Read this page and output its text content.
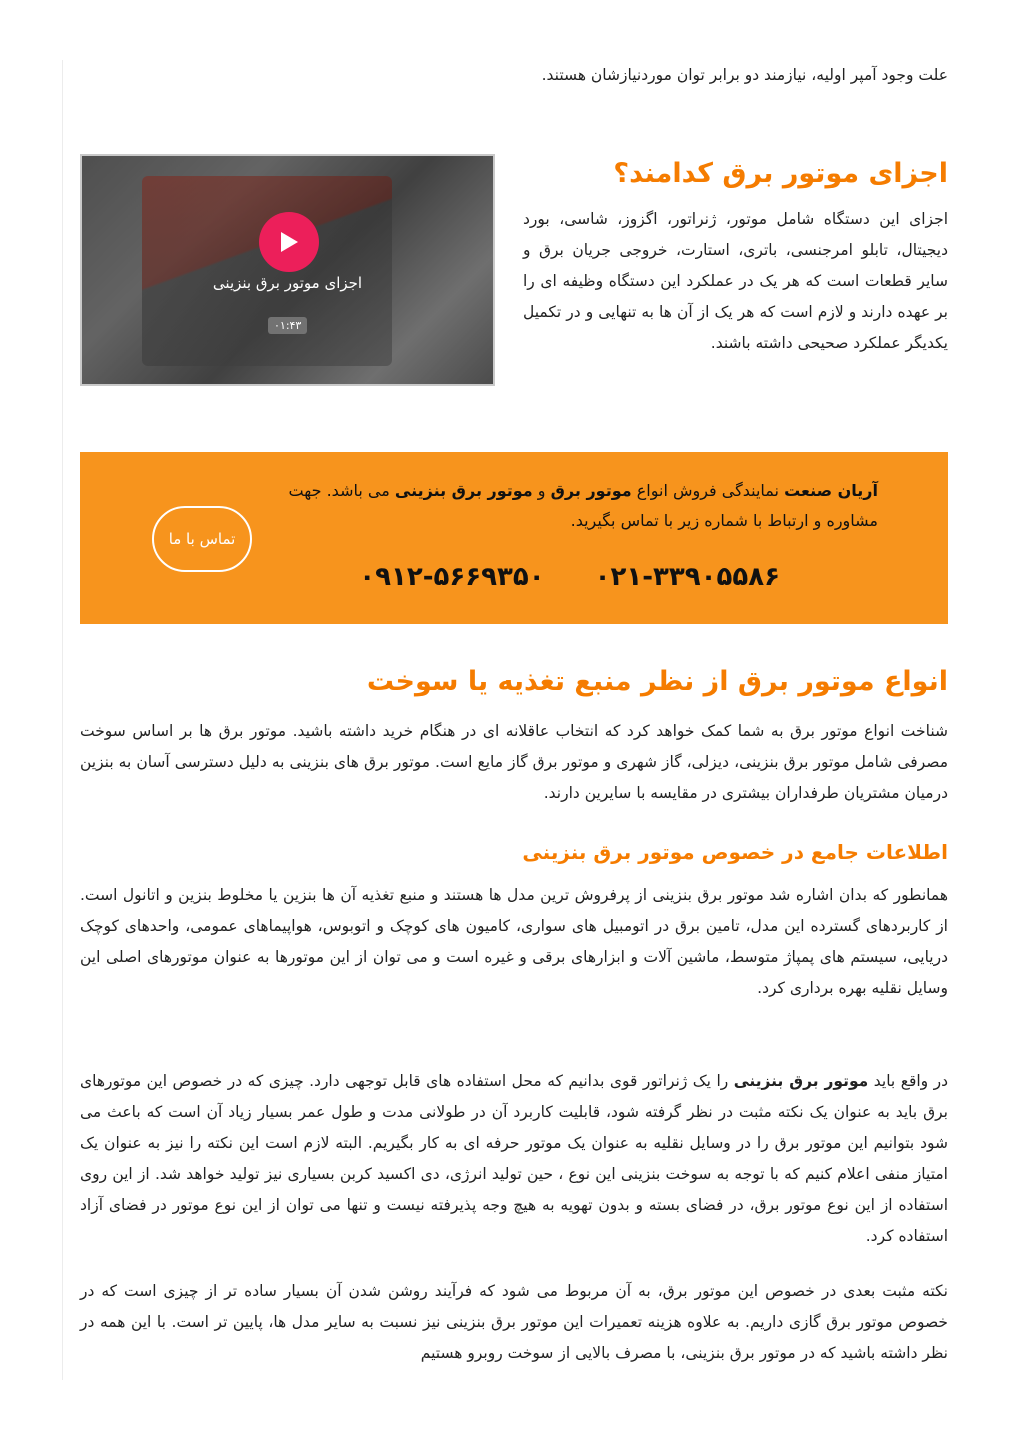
علت وجود آمپر اولیه، نیازمند دو برابر توان موردنیازشان هستند.

اجزای موتور برق بنزینی
۰۱:۴۳
اجزای موتور برق کدامند؟

اجزای این دستگاه شامل موتور، ژنراتور، اگزوز، شاسی، بورد دیجیتال، تابلو امرجنسی، باتری، استارت، خروجی جریان برق و سایر قطعات است که هر یک در عملکرد این دستگاه وظیفه ای را بر عهده دارند و لازم است که هر یک از آن ها به تنهایی و در تکمیل یکدیگر عملکرد صحیحی داشته باشند.

آریان صنعت نمایندگی فروش انواع موتور برق و موتور برق بنزینی می باشد. جهت مشاوره و ارتباط با شماره زیر با تماس بگیرید.
۰۹۱۲-۵۶۶۹۳۵۰ ۰۲۱-۳۳۹۰۵۵۸۶
تماس با ما
انواع موتور برق از نظر منبع تغذیه یا سوخت

شناخت انواع موتور برق به شما کمک خواهد کرد که انتخاب عاقلانه ای در هنگام خرید داشته باشید. موتور برق ها بر اساس سوخت مصرفی شامل موتور برق بنزینی، دیزلی، گاز شهری و موتور برق گاز مایع است. موتور برق های بنزینی به دلیل دسترسی آسان به بنزین درمیان مشتریان طرفداران بیشتری در مقایسه با سایرین دارند.

اطلاعات جامع در خصوص موتور برق بنزینی

همانطور که بدان اشاره شد موتور برق بنزینی از پرفروش ترین مدل ها هستند و منبع تغذیه آن ها بنزین یا مخلوط بنزین و اتانول است. از کاربردهای گسترده این مدل، تامین برق در اتومبیل های سواری، کامیون های کوچک و اتوبوس، هواپیماهای عمومی، واحدهای کوچک دریایی، سیستم های پمپاژ متوسط، ماشین آلات و ابزارهای برقی و غیره است و می توان از این موتورها به عنوان موتورهای اصلی این وسایل نقلیه بهره برداری کرد.

در واقع باید موتور برق بنزینی را یک ژنراتور قوی بدانیم که محل استفاده های قابل توجهی دارد. چیزی که در خصوص این موتورهای برق باید به عنوان یک نکته مثبت در نظر گرفته شود، قابلیت کاربرد آن در طولانی مدت و طول عمر بسیار زیاد آن است که باعث می شود بتوانیم این موتور برق را در وسایل نقلیه به عنوان یک موتور حرفه ای به کار بگیریم. البته لازم است این نکته را نیز به عنوان یک امتیاز منفی اعلام کنیم که با توجه به سوخت بنزینی این نوع ، حین تولید انرژی، دی اکسید کربن بسیاری نیز تولید خواهد شد. از این روی استفاده از این نوع موتور برق، در فضای بسته و بدون تهویه به هیچ وجه پذیرفته نیست و تنها می توان از این نوع موتور در فضای آزاد استفاده کرد.

نکته مثبت بعدی در خصوص این موتور برق، به آن مربوط می شود که فرآیند روشن شدن آن بسیار ساده تر از چیزی است که در خصوص موتور برق گازی داریم. به علاوه هزینه تعمیرات این موتور برق بنزینی نیز نسبت به سایر مدل ها، پایین تر است. با این همه در نظر داشته باشید که در موتور برق بنزینی، با مصرف بالایی از سوخت روبرو هستیم
